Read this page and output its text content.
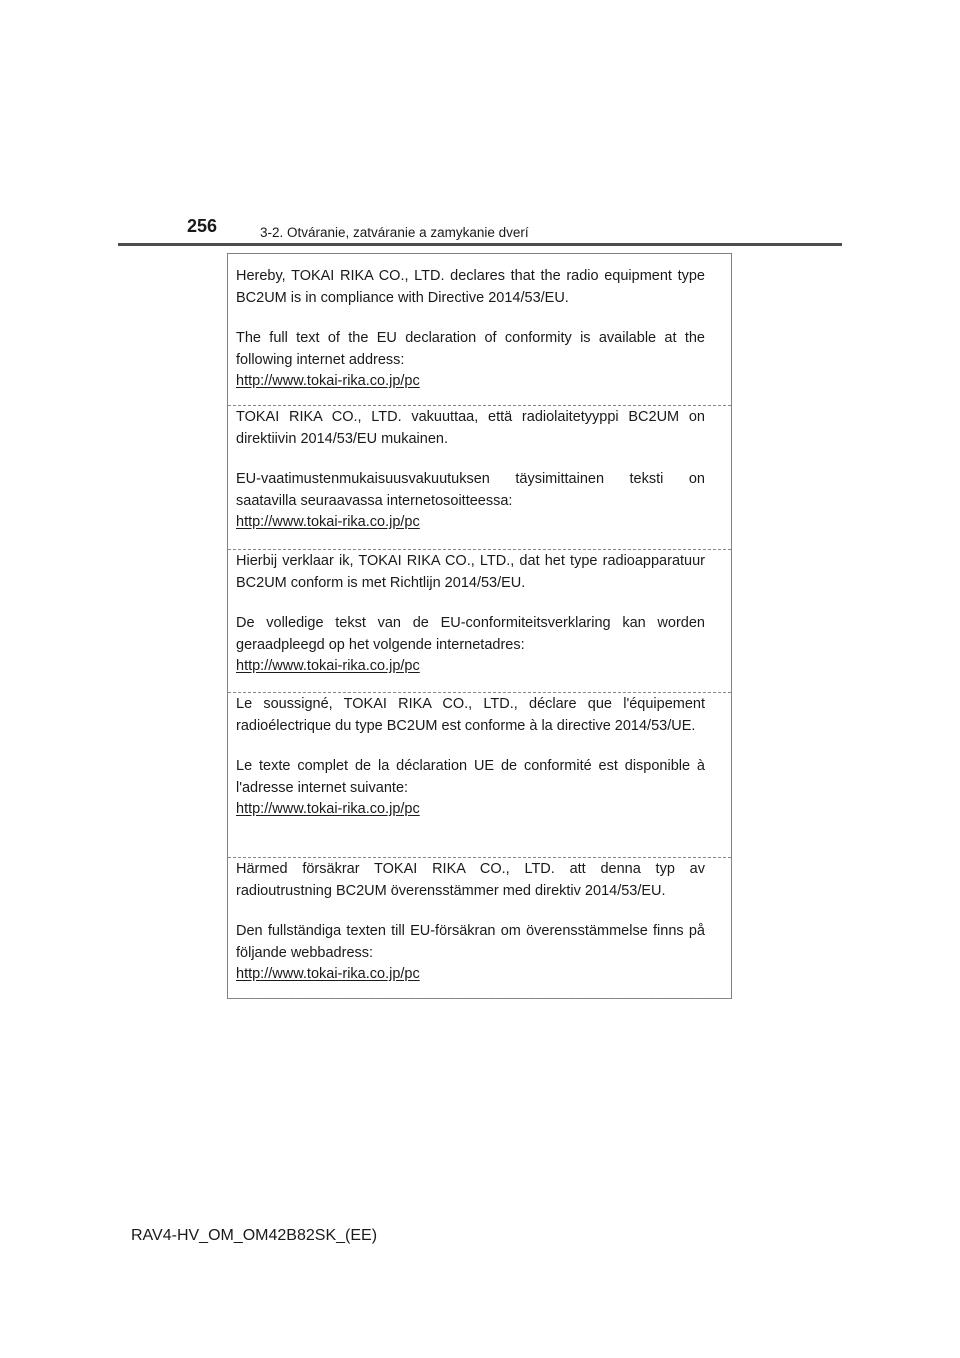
256	3-2. Otváranie, zatváranie a zamykanie dverí

Hereby, TOKAI RIKA CO., LTD. declares that the radio equipment type BC2UM is in compliance with Directive 2014/53/EU.

The full text of the EU declaration of conformity is available at the following internet address:

http://www.tokai-rika.co.jp/pc

TOKAI RIKA CO., LTD. vakuuttaa, että radiolaitetyyppi BC2UM on direktiivin 2014/53/EU mukainen.

EU-vaatimustenmukaisuusvakuutuksen täysimittainen teksti on saatavilla seuraavassa internetosoitteessa:

http://www.tokai-rika.co.jp/pc

Hierbij verklaar ik, TOKAI RIKA CO., LTD., dat het type radioapparatuur BC2UM conform is met Richtlijn 2014/53/EU.

De volledige tekst van de EU-conformiteitsverklaring kan worden geraadpleegd op het volgende internetadres:

http://www.tokai-rika.co.jp/pc

Le soussigné, TOKAI RIKA CO., LTD., déclare que l'équipement radioélectrique du type BC2UM est conforme à la directive 2014/53/UE.

Le texte complet de la déclaration UE de conformité est disponible à l'adresse internet suivante:

http://www.tokai-rika.co.jp/pc

Härmed försäkrar TOKAI RIKA CO., LTD. att denna typ av radioutrustning BC2UM överensstämmer med direktiv 2014/53/EU.

Den fullständiga texten till EU-försäkran om överensstämmelse finns på följande webbadress:

http://www.tokai-rika.co.jp/pc
RAV4-HV_OM_OM42B82SK_(EE)
